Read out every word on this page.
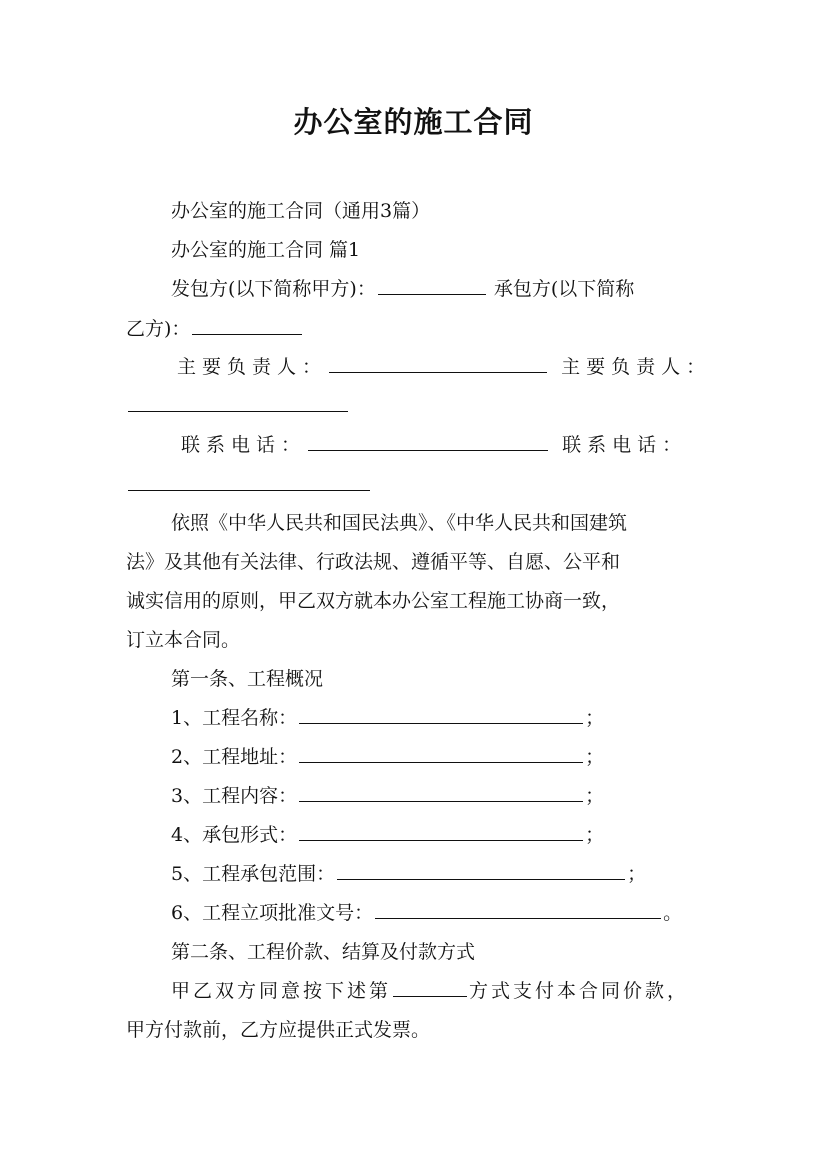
办公室的施工合同
办公室的施工合同（通用3篇）
办公室的施工合同 篇1
发包方(以下简称甲方)：	承包方(以下简称
乙方)：
主要负责人：	主要负责人：
联系电话：	联系电话：
依照《中华人民共和国民法典》、《中华人民共和国建筑
法》及其他有关法律、行政法规、遵循平等、自愿、公平和
诚实信用的原则，甲乙双方就本办公室工程施工协商一致，
订立本合同。
第一条、工程概况
1、工程名称：	；
2、工程地址：	；
3、工程内容：	；
4、承包形式：	；
5、工程承包范围：	；
6、工程立项批准文号：	。
第二条、工程价款、结算及付款方式
甲乙双方同意按下述第	方式支付本合同价款，
甲方付款前，乙方应提供正式发票。
